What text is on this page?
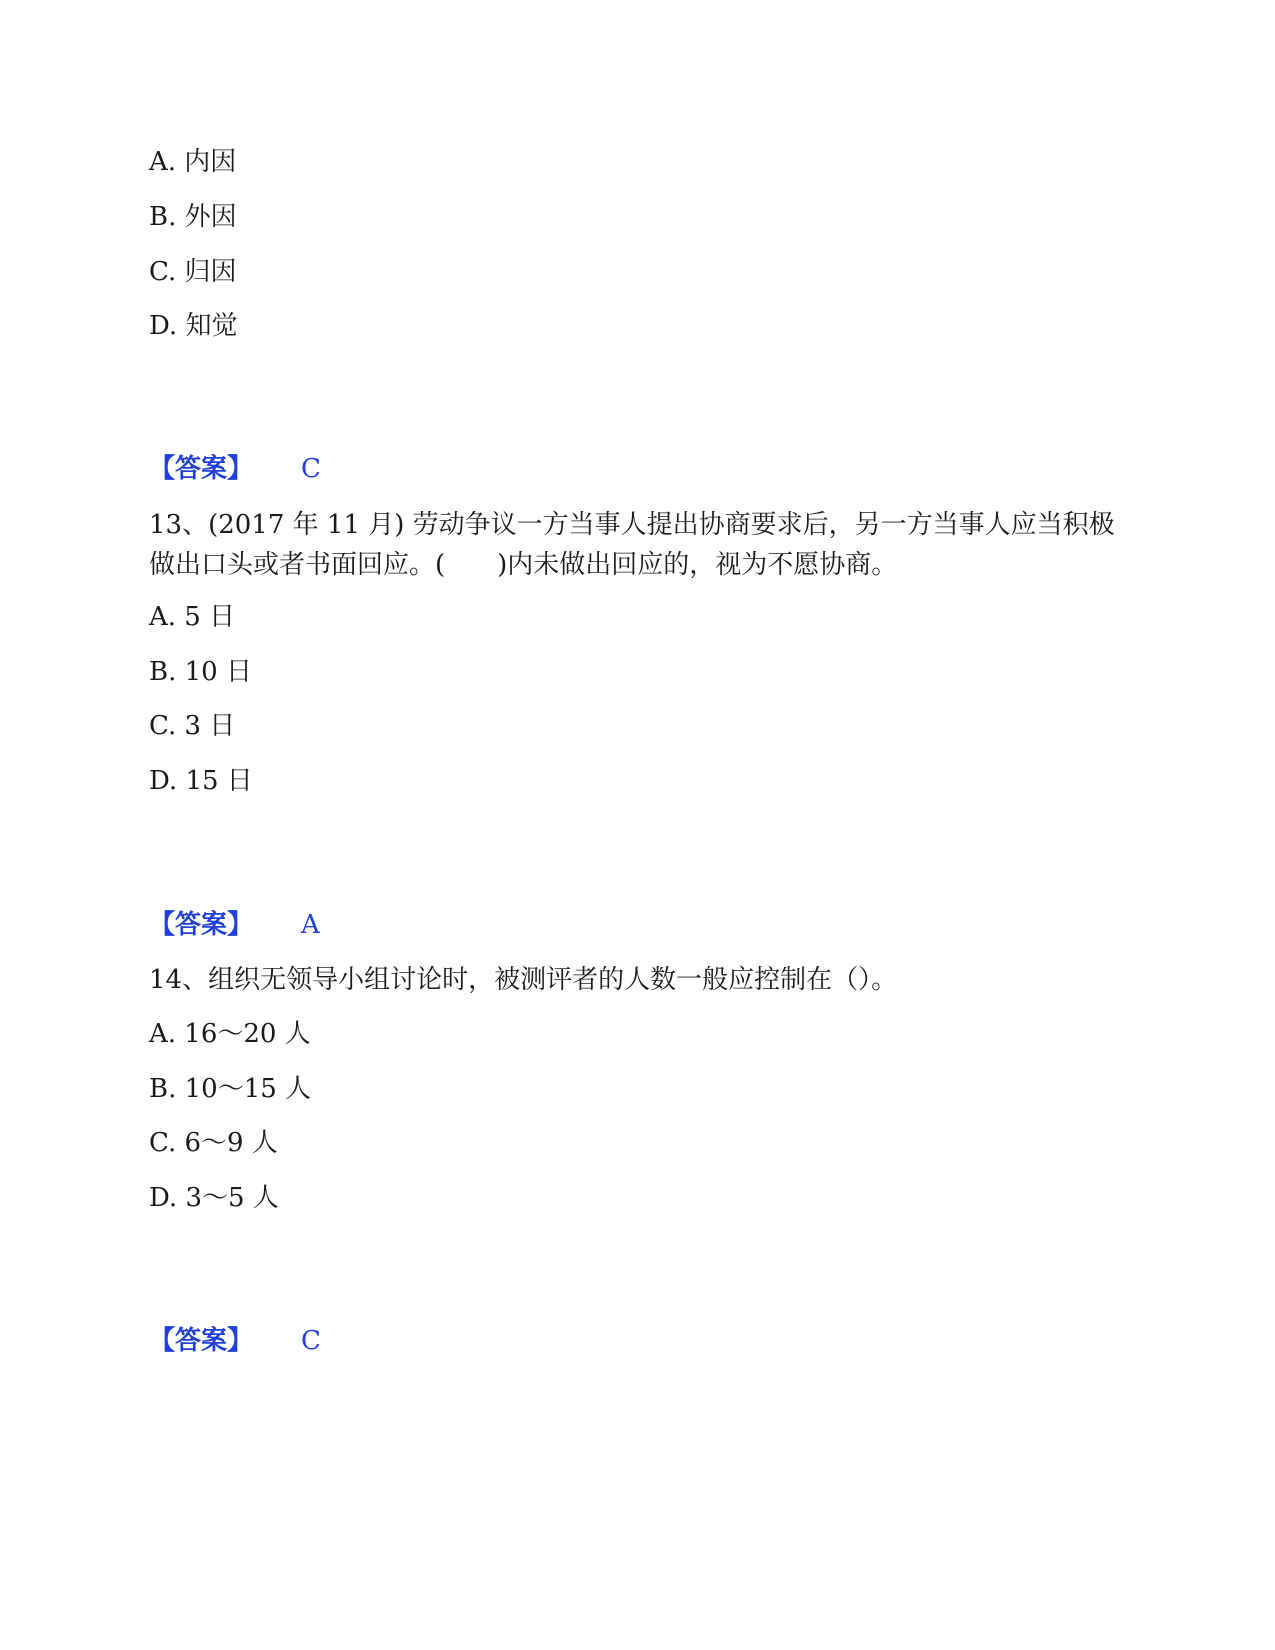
A. 内因
B. 外因
C. 归因
D. 知觉
【答案】 C
13、(2017 年 11 月) 劳动争议一方当事人提出协商要求后，另一方当事人应当积极做出口头或者书面回应。(　　)内未做出回应的，视为不愿协商。
A. 5 日
B. 10 日
C. 3 日
D. 15 日
【答案】 A
14、组织无领导小组讨论时，被测评者的人数一般应控制在（）。
A. 16～20 人
B. 10～15 人
C. 6～9 人
D. 3～5 人
【答案】 C
